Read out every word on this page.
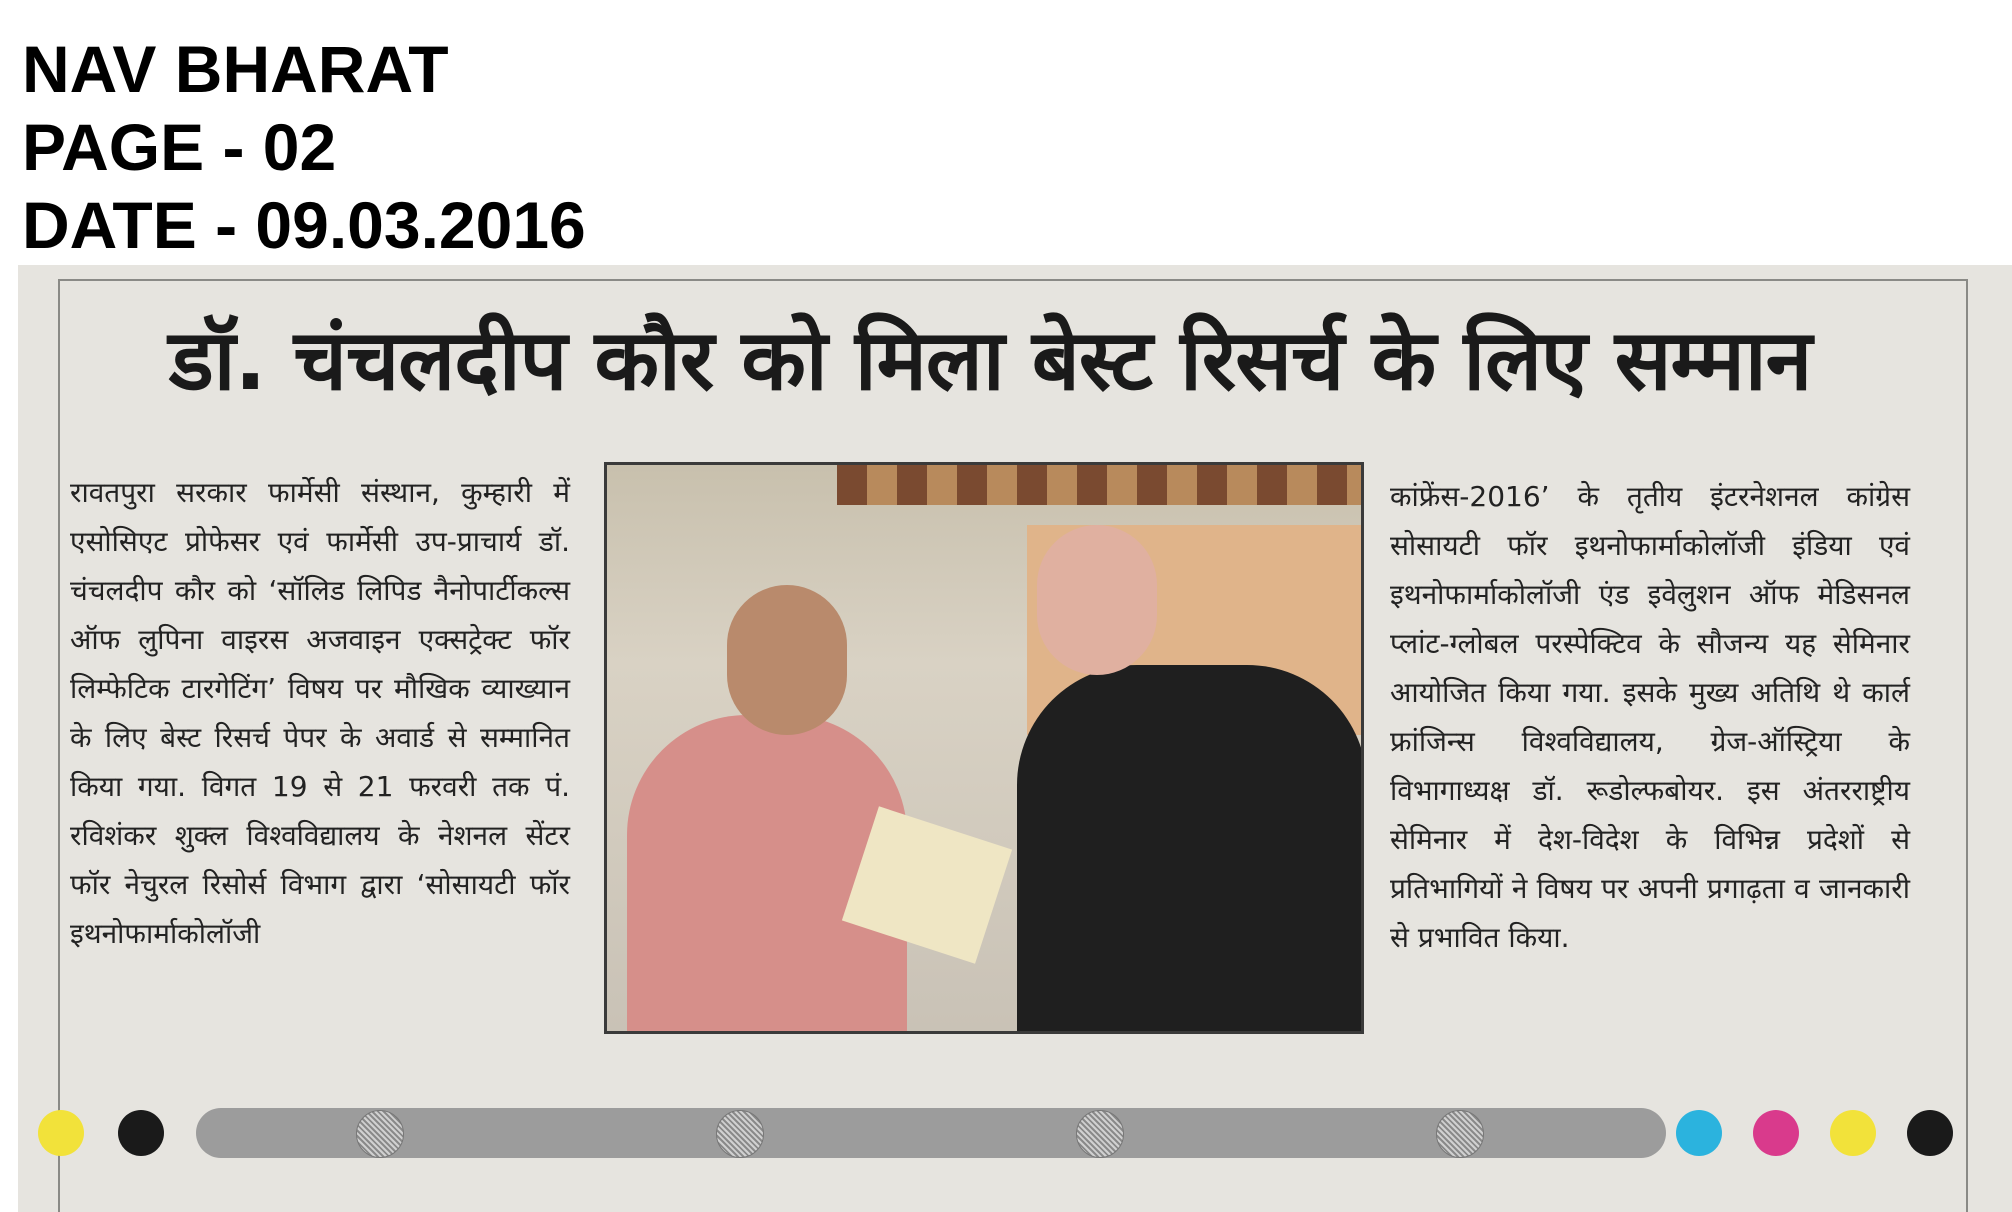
NAV BHARAT
PAGE - 02
DATE - 09.03.2016
डॉ. चंचलदीप कौर को मिला बेस्ट रिसर्च के लिए सम्मान
रावतपुरा सरकार फार्मेसी संस्थान, कुम्हारी में एसोसिएट प्रोफेसर एवं फार्मेसी उप-प्राचार्य डॉ. चंचलदीप कौर को ‘सॉलिड लिपिड नैनोपार्टीकल्स ऑफ लुपिना वाइरस अजवाइन एक्सट्रेक्ट फॉर लिम्फेटिक टारगेटिंग’ विषय पर मौखिक व्याख्यान के लिए बेस्ट रिसर्च पेपर के अवार्ड से सम्मानित किया गया. विगत 19 से 21 फरवरी तक पं. रविशंकर शुक्ल विश्वविद्यालय के नेशनल सेंटर फॉर नेचुरल रिसोर्स विभाग द्वारा ‘सोसायटी फॉर इथनोफार्माकोलॉजी
कांफ्रेंस-2016’ के तृतीय इंटरनेशनल कांग्रेस सोसायटी फॉर इथनोफार्माकोलॉजी इंडिया एवं इथनोफार्माकोलॉजी एंड इवेलुशन ऑफ मेडिसनल प्लांट-ग्लोबल परस्पेक्टिव के सौजन्य यह सेमिनार आयोजित किया गया. इसके मुख्य अतिथि थे कार्ल फ्रांजिन्स विश्वविद्यालय, ग्रेज-ऑस्ट्रिया के विभागाध्यक्ष डॉ. रूडोल्फबोयर. इस अंतरराष्ट्रीय सेमिनार में देश-विदेश के विभिन्न प्रदेशों से प्रतिभागियों ने विषय पर अपनी प्रगाढ़ता व जानकारी से प्रभावित किया.
